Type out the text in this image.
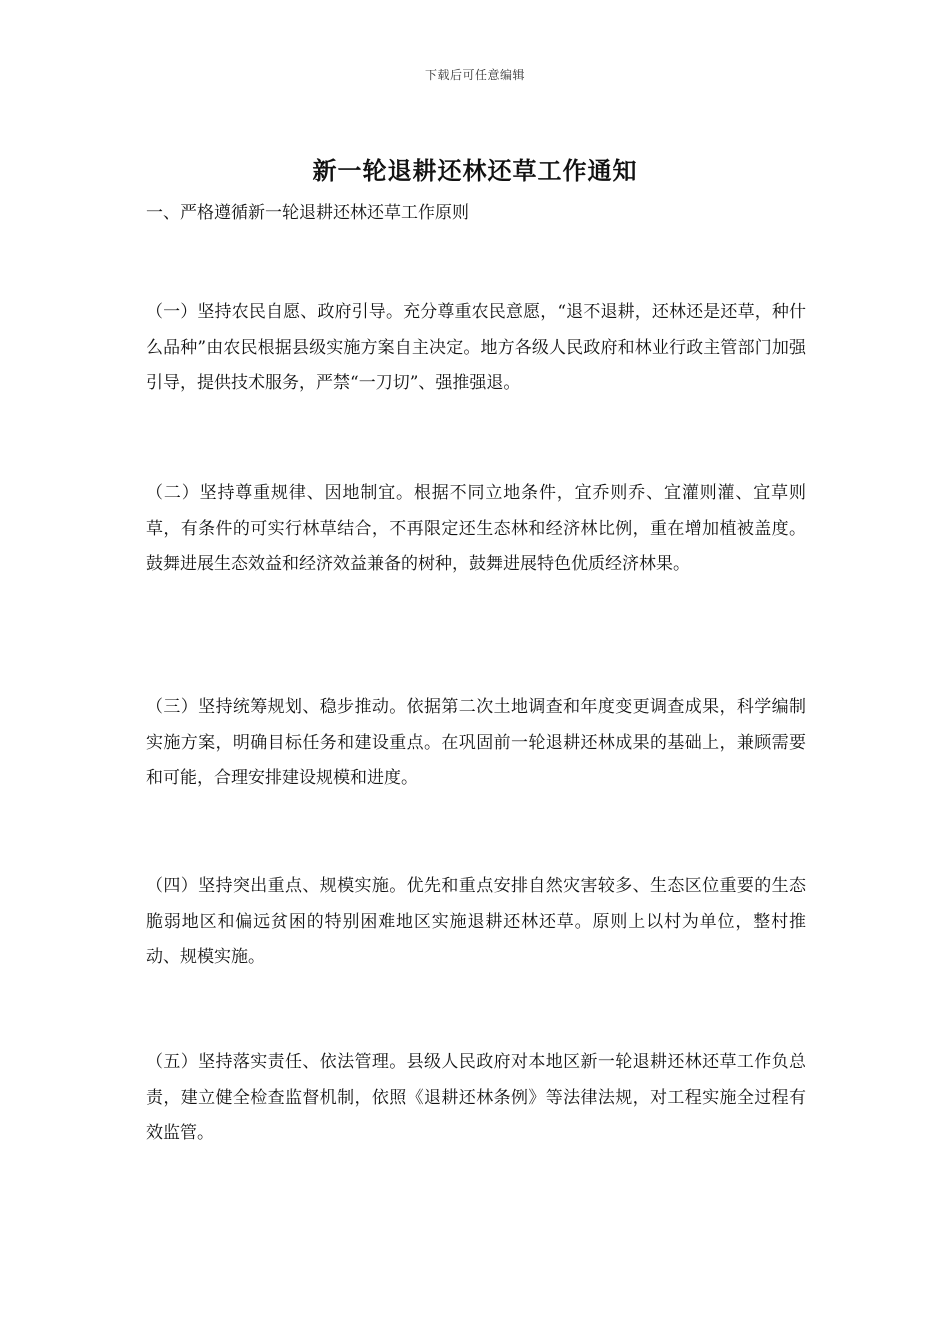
下载后可任意编辑
新一轮退耕还林还草工作通知
一、严格遵循新一轮退耕还林还草工作原则

（一）坚持农民自愿、政府引导。充分尊重农民意愿，“退不退耕，还林还是还草，种什么品种”由农民根据县级实施方案自主决定。地方各级人民政府和林业行政主管部门加强引导，提供技术服务，严禁“一刀切”、强推强退。

（二）坚持尊重规律、因地制宜。根据不同立地条件，宜乔则乔、宜灌则灌、宜草则草，有条件的可实行林草结合，不再限定还生态林和经济林比例，重在增加植被盖度。鼓舞进展生态效益和经济效益兼备的树种，鼓舞进展特色优质经济林果。

（三）坚持统筹规划、稳步推动。依据第二次土地调查和年度变更调查成果，科学编制实施方案，明确目标任务和建设重点。在巩固前一轮退耕还林成果的基础上，兼顾需要和可能，合理安排建设规模和进度。

（四）坚持突出重点、规模实施。优先和重点安排自然灾害较多、生态区位重要的生态脆弱地区和偏远贫困的特别困难地区实施退耕还林还草。原则上以村为单位，整村推动、规模实施。

（五）坚持落实责任、依法管理。县级人民政府对本地区新一轮退耕还林还草工作负总责，建立健全检查监督机制，依照《退耕还林条例》等法律法规，对工程实施全过程有效监管。
